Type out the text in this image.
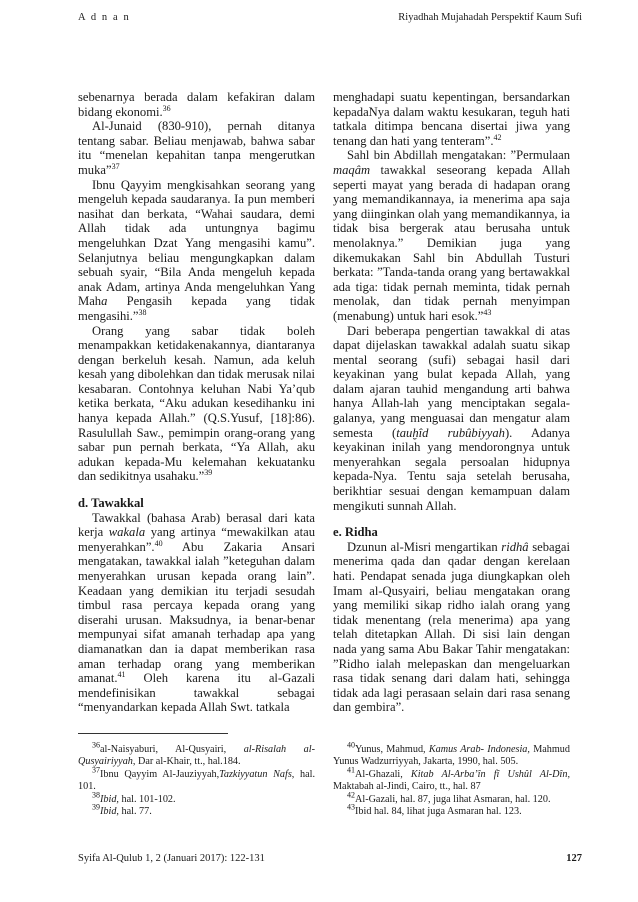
A d n a n	Riyadhah Mujahadah Perspektif Kaum Sufi

sebenarnya berada dalam kefakiran dalam bidang ekonomi.$^{36}$

Al-Junaid (830-910), pernah ditanya tentang sabar. Beliau menjawab, bahwa sabar itu “menelan kepahitan tanpa mengerutkan muka”$^{37}$

Ibnu Qayyim mengkisahkan seorang yang mengeluh kepada saudaranya. Ia pun memberi nasihat dan berkata, “Wahai saudara, demi Allah tidak ada untungnya bagimu mengeluhkan Dzat Yang mengasihi kamu”. Selanjutnya beliau mengungkapkan dalam sebuah syair, “Bila Anda mengeluh kepada anak Adam, artinya Anda mengeluhkan Yang Maha Pengasih kepada yang tidak mengasihi.”$^{38}$

Orang yang sabar tidak boleh menampakkan ketidakenakannya, diantaranya dengan berkeluh kesah. Namun, ada keluh kesah yang dibolehkan dan tidak merusak nilai kesabaran. Contohnya keluhan Nabi Ya’qub ketika berkata, “Aku adukan kesedihanku ini hanya kepada Allah.” (Q.S.Yusuf, [18]:86). Rasulullah Saw., pemimpin orang-orang yang sabar pun pernah berkata, “Ya Allah, aku adukan kepada-Mu kelemahan kekuatanku dan sedikitnya usahaku.”$^{39}$

d. Tawakkal

Tawakkal (bahasa Arab) berasal dari kata kerja wakala yang artinya “mewakilkan atau menyerahkan”.$^{40}$ Abu Zakaria Ansari mengatakan, tawakkal ialah ”keteguhan dalam menyerahkan urusan kepada orang lain”. Keadaan yang demikian itu terjadi sesudah timbul rasa percaya kepada orang yang diserahi urusan. Maksudnya, ia benar-benar mempunyai sifat amanah terhadap apa yang diamanatkan dan ia dapat memberikan rasa aman terhadap orang yang memberikan amanat.$^{41}$ Oleh karena itu al-Gazali mendefinisikan tawakkal sebagai “menyandarkan kepada Allah Swt. tatkala

menghadapi suatu kepentingan, bersandarkan kepadaNya dalam waktu kesukaran, teguh hati tatkala ditimpa bencana disertai jiwa yang tenang dan hati yang tenteram”.$^{42}$

Sahl bin Abdillah mengatakan: ”Permulaan maqâm tawakkal seseorang kepada Allah seperti mayat yang berada di hadapan orang yang memandikannaya, ia menerima apa saja yang diinginkan olah yang memandikannya, ia tidak bisa bergerak atau berusaha untuk menolaknya.” Demikian juga yang dikemukakan Sahl bin Abdullah Tusturi berkata: ”Tanda-tanda orang yang bertawakkal ada tiga: tidak pernah meminta, tidak pernah menolak, dan tidak pernah menyimpan (menabung) untuk hari esok.”$^{43}$

Dari beberapa pengertian tawakkal di atas dapat dijelaskan tawakkal adalah suatu sikap mental seorang (sufi) sebagai hasil dari keyakinan yang bulat kepada Allah, yang dalam ajaran tauhid mengandung arti bahwa hanya Allah-lah yang menciptakan segala-galanya, yang menguasai dan mengatur alam semesta (tauḫîd rubûbiyyah). Adanya keyakinan inilah yang mendorongnya untuk menyerahkan segala persoalan hidupnya kepada-Nya. Tentu saja setelah berusaha, berikhtiar sesuai dengan kemampuan dalam mengikuti sunnah Allah.

e. Ridha

Dzunun al-Misri mengartikan ridhâ sebagai menerima qada dan qadar dengan kerelaan hati. Pendapat senada juga diungkapkan oleh Imam al-Qusyairi, beliau mengatakan orang yang memiliki sikap ridho ialah orang yang tidak menentang (rela menerima) apa yang telah ditetapkan Allah. Di sisi lain dengan nada yang sama Abu Bakar Tahir mengatakan: ”Ridho ialah melepaskan dan mengeluarkan rasa tidak senang dari dalam hati, sehingga tidak ada lagi perasaan selain dari rasa senang dan gembira”.

$^{36}$al-Naisyaburi, Al-Qusyairi, al-Risalah al-Qusyairiyyah, Dar al-Khair, tt., hal.184.

$^{37}$Ibnu Qayyim Al-Jauziyyah,Tazkiyyatun Nafs, hal. 101.

$^{38}$Ibid, hal. 101-102.

$^{39}$Ibid, hal. 77.

$^{40}$Yunus, Mahmud, Kamus Arab- Indonesia, Mahmud Yunus Wadzurriyyah, Jakarta, 1990, hal. 505.

$^{41}$Al-Ghazali, Kitab Al-Arba’în fî Ushûl Al-Dîn, Maktabah al-Jindi, Cairo, tt., hal. 87

$^{42}$Al-Gazali, hal. 87, juga lihat Asmaran, hal. 120.

$^{43}$Ibid hal. 84, lihat juga Asmaran hal. 123.

Syifa Al-Qulub 1, 2 (Januari 2017): 122-131	127
